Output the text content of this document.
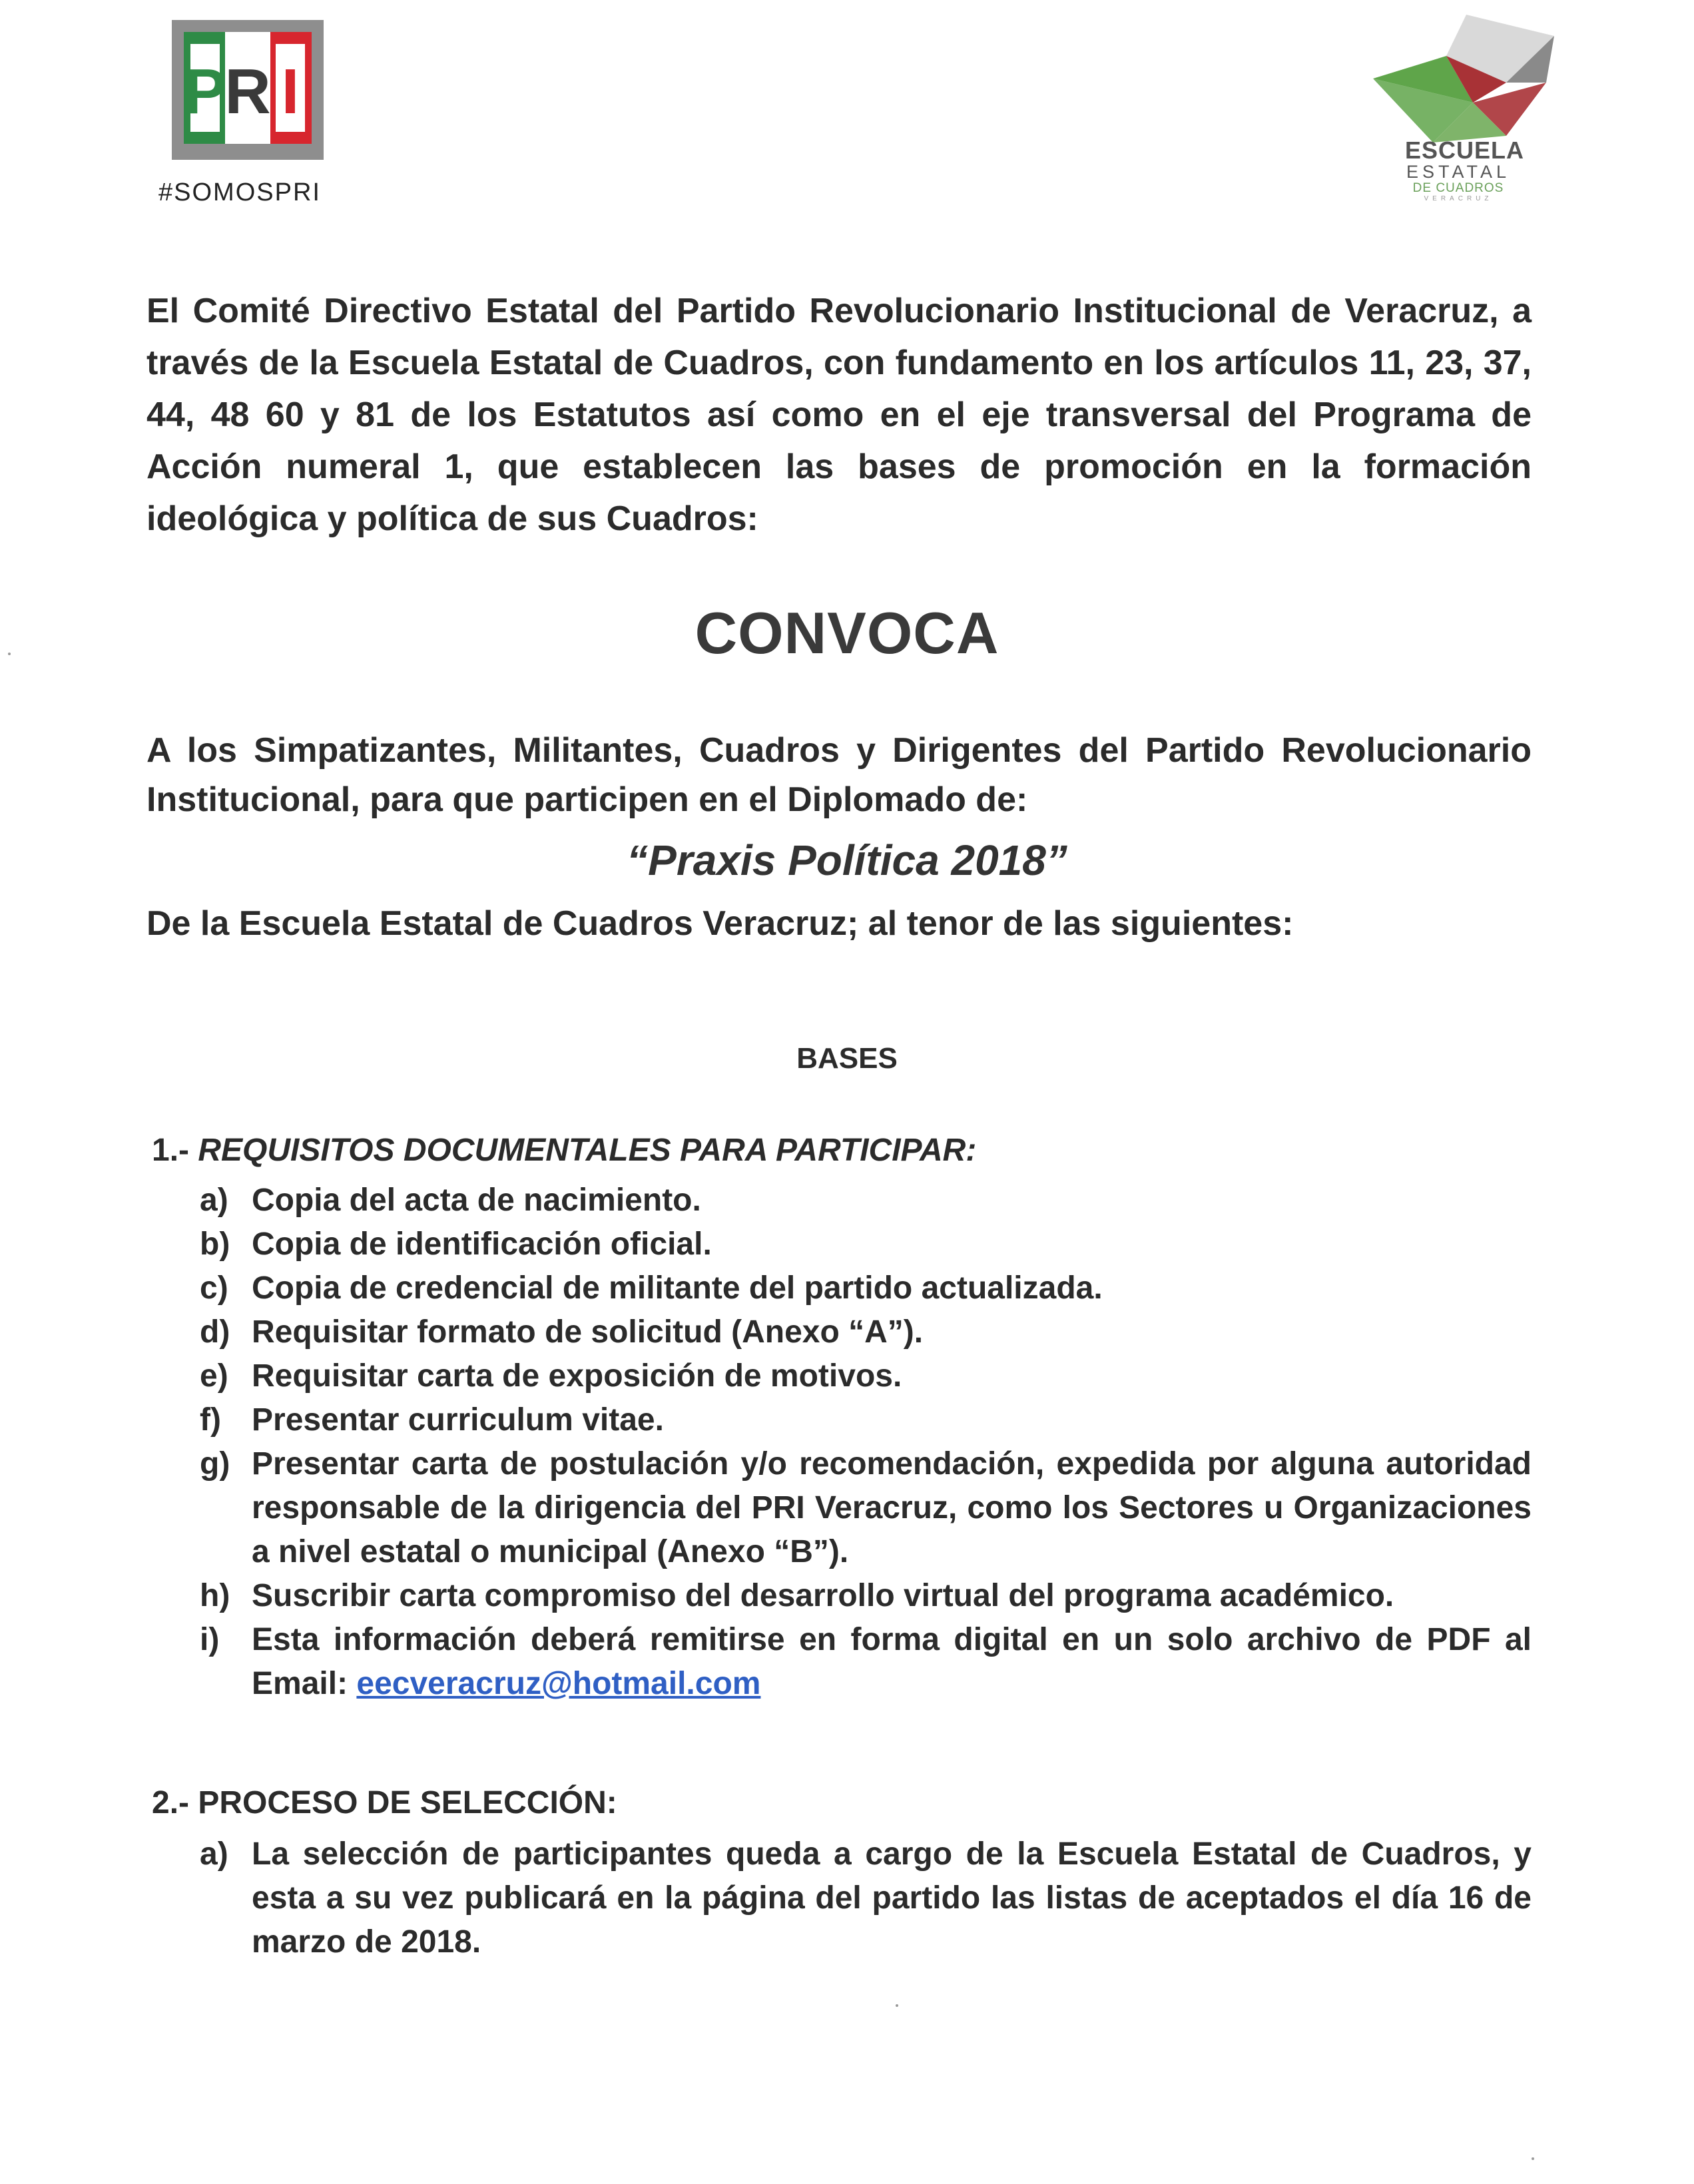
P
R I
#SOMOSPRI
ESCUELA
ESTATAL
DE CUADROS
VERACRUZ

El Comité Directivo Estatal del Partido Revolucionario Institucional de Veracruz, a través de la Escuela Estatal de Cuadros, con fundamento en los artículos 11, 23, 37, 44, 48 60 y 81 de los Estatutos así como en el eje transversal del Programa de Acción numeral 1, que establecen las bases de promoción en la formación ideológica y política de sus Cuadros:

CONVOCA
A los Simpatizantes, Militantes, Cuadros y Dirigentes del Partido Revolucionario Institucional, para que participen en el Diplomado de:
“Praxis Política 2018”
De la Escuela Estatal de Cuadros Veracruz; al tenor de las siguientes:
BASES
1.- REQUISITOS DOCUMENTALES PARA PARTICIPAR:
a) Copia del acta de nacimiento.
b) Copia de identificación oficial.
c) Copia de credencial de militante del partido actualizada.
d) Requisitar formato de solicitud (Anexo “A”).
e) Requisitar carta de exposición de motivos.
f) Presentar curriculum vitae.
g) Presentar carta de postulación y/o recomendación, expedida por alguna autoridad responsable de la dirigencia del PRI Veracruz, como los Sectores u Organizaciones a nivel estatal o municipal (Anexo “B”).
h) Suscribir carta compromiso del desarrollo virtual del programa académico.
i)	Esta información deberá remitirse en forma digital en un solo archivo de PDF al Email: eecveracruz@hotmail.com
2.- PROCESO DE SELECCIÓN:
a) La selección de participantes queda a cargo de la Escuela Estatal de Cuadros, y esta a su vez publicará en la página del partido las listas de aceptados el día 16 de marzo de 2018.
